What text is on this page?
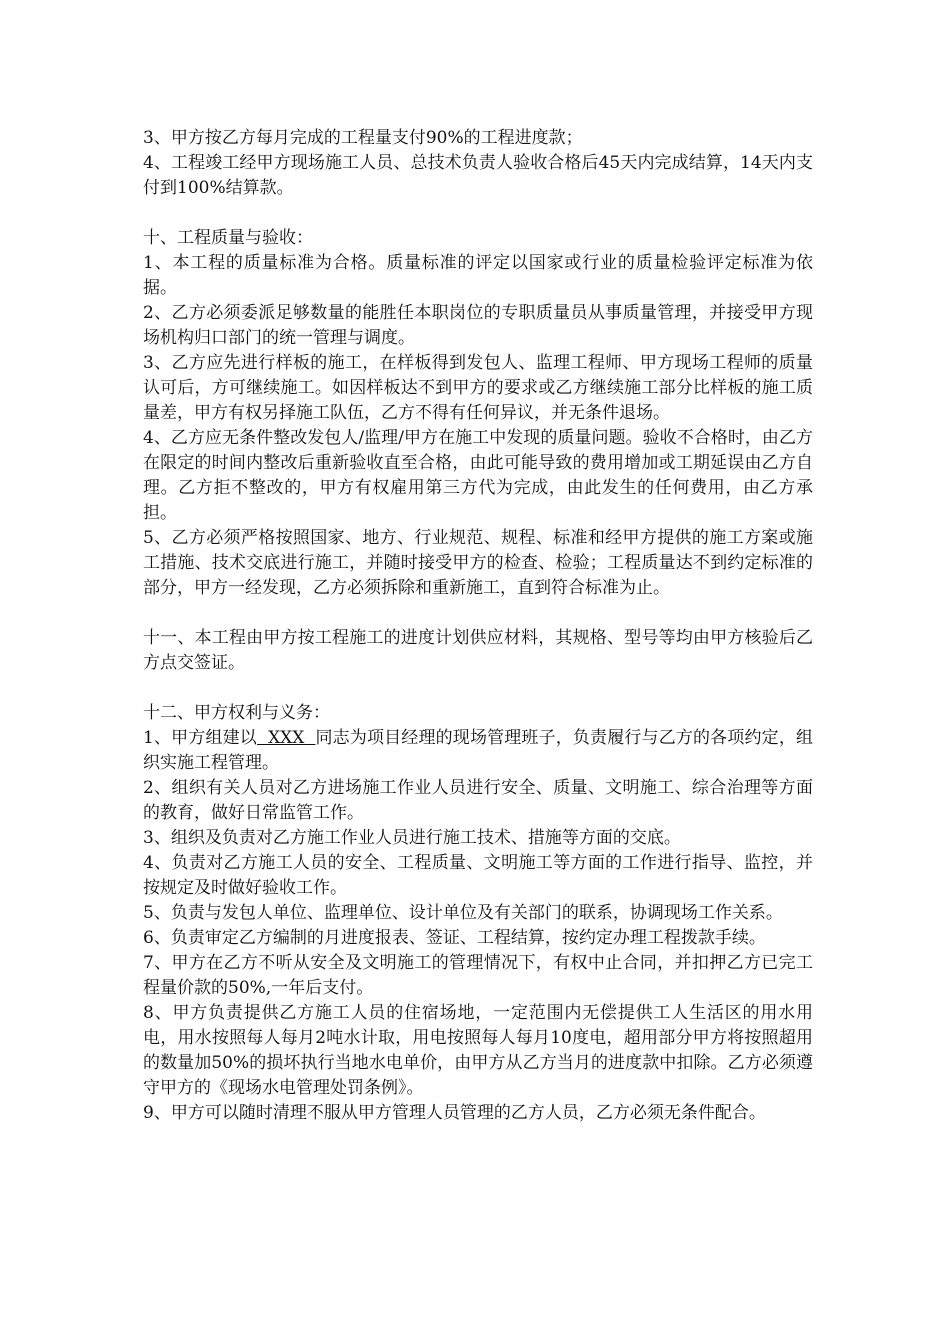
3、甲方按乙方每月完成的工程量支付90%的工程进度款；

4、工程竣工经甲方现场施工人员、总技术负责人验收合格后45天内完成结算，14天内支付到100%结算款。

十、工程质量与验收：

1、本工程的质量标准为合格。质量标准的评定以国家或行业的质量检验评定标准为依据。

2、乙方必须委派足够数量的能胜任本职岗位的专职质量员从事质量管理，并接受甲方现场机构归口部门的统一管理与调度。

3、乙方应先进行样板的施工，在样板得到发包人、监理工程师、甲方现场工程师的质量认可后，方可继续施工。如因样板达不到甲方的要求或乙方继续施工部分比样板的施工质量差，甲方有权另择施工队伍，乙方不得有任何异议，并无条件退场。

4、乙方应无条件整改发包人/监理/甲方在施工中发现的质量问题。验收不合格时，由乙方在限定的时间内整改后重新验收直至合格，由此可能导致的费用增加或工期延误由乙方自理。乙方拒不整改的，甲方有权雇用第三方代为完成，由此发生的任何费用，由乙方承担。

5、乙方必须严格按照国家、地方、行业规范、规程、标准和经甲方提供的施工方案或施工措施、技术交底进行施工，并随时接受甲方的检查、检验；工程质量达不到约定标准的部分，甲方一经发现，乙方必须拆除和重新施工，直到符合标准为止。

十一、本工程由甲方按工程施工的进度计划供应材料，其规格、型号等均由甲方核验后乙方点交签证。

十二、甲方权利与义务：

1、甲方组建以  XXX  同志为项目经理的现场管理班子，负责履行与乙方的各项约定，组织实施工程管理。

2、组织有关人员对乙方进场施工作业人员进行安全、质量、文明施工、综合治理等方面的教育，做好日常监管工作。

3、组织及负责对乙方施工作业人员进行施工技术、措施等方面的交底。

4、负责对乙方施工人员的安全、工程质量、文明施工等方面的工作进行指导、监控，并按规定及时做好验收工作。

5、负责与发包人单位、监理单位、设计单位及有关部门的联系，协调现场工作关系。

6、负责审定乙方编制的月进度报表、签证、工程结算，按约定办理工程拨款手续。

7、甲方在乙方不听从安全及文明施工的管理情况下，有权中止合同，并扣押乙方已完工程量价款的50%,一年后支付。

8、甲方负责提供乙方施工人员的住宿场地，一定范围内无偿提供工人生活区的用水用电，用水按照每人每月2吨水计取，用电按照每人每月10度电，超用部分甲方将按照超用的数量加50%的损坏执行当地水电单价，由甲方从乙方当月的进度款中扣除。乙方必须遵守甲方的《现场水电管理处罚条例》。

9、甲方可以随时清理不服从甲方管理人员管理的乙方人员，乙方必须无条件配合。
